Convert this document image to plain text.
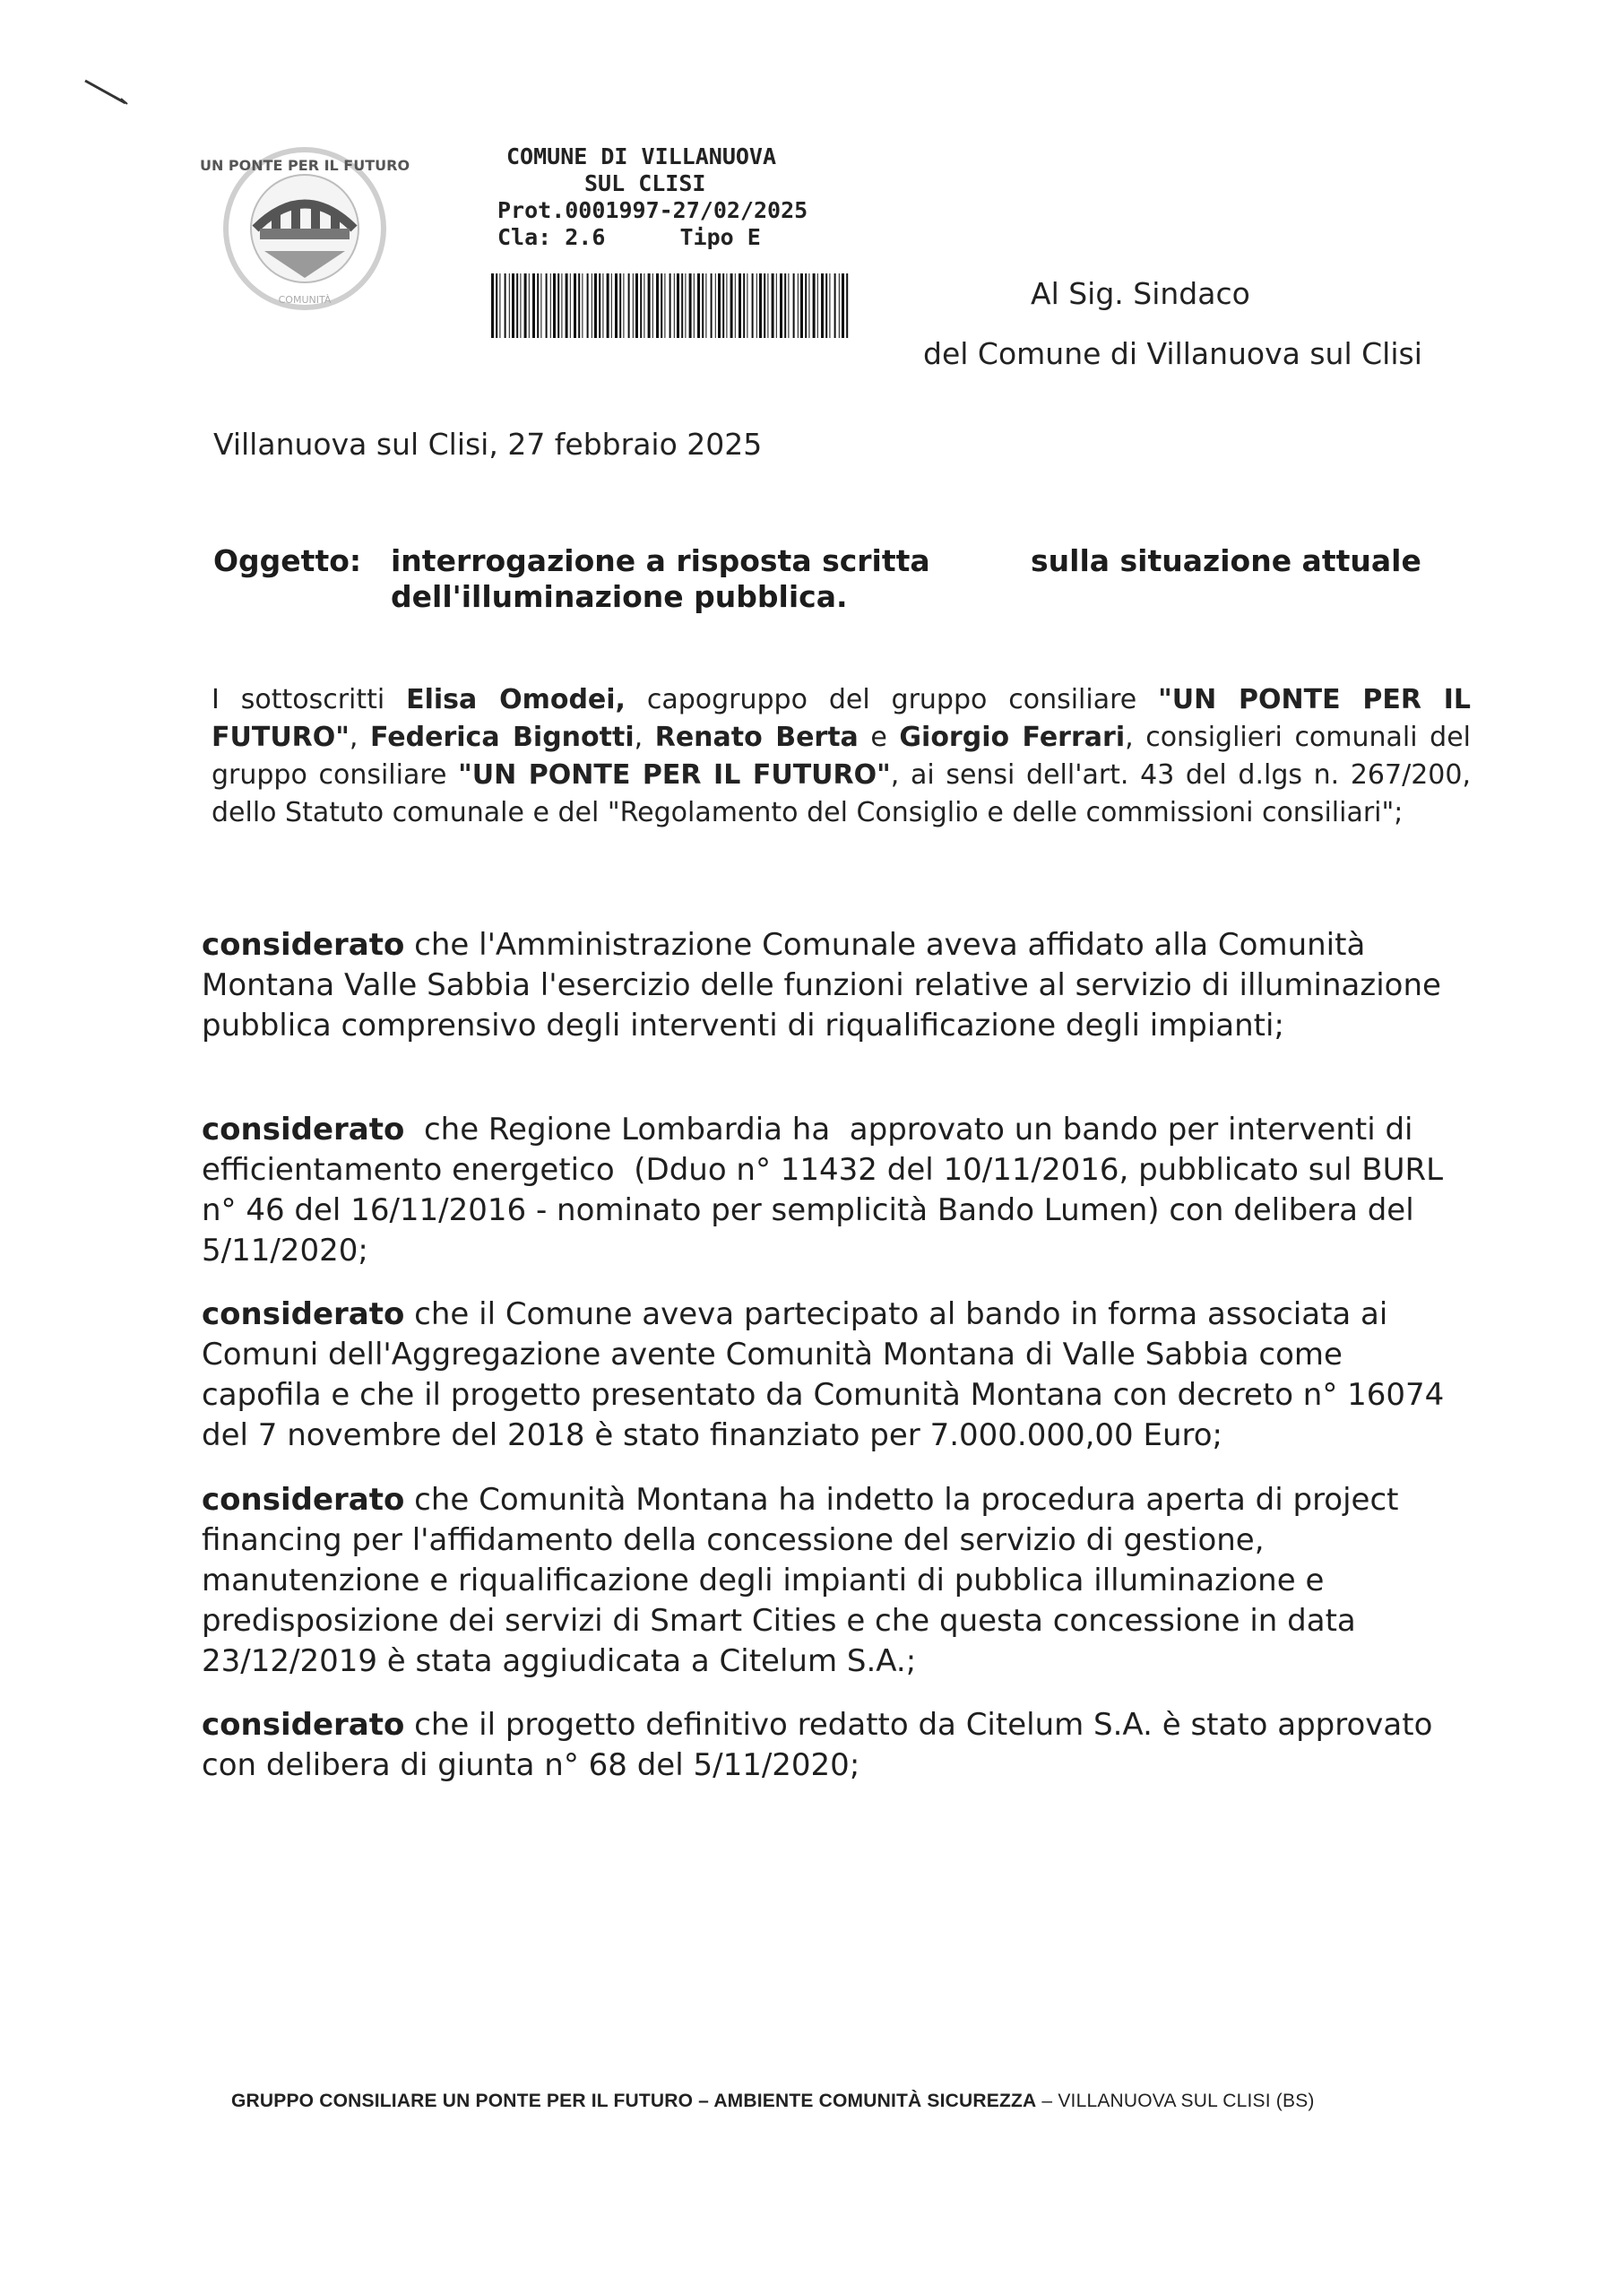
UN PONTE PER IL FUTURO
COMUNITÀ
COMUNE DI VILLANUOVA
SUL CLISI
Prot.0001997-27/02/2025
Cla: 2.6	Tipo E
Al Sig. Sindaco
del Comune di Villanuova sul Clisi
Villanuova sul Clisi, 27 febbraio 2025
Oggetto: interrogazione a risposta scritta	sulla situazione attuale
dell'illuminazione pubblica.
I sottoscritti Elisa Omodei, capogruppo del gruppo consiliare "UN PONTE PER IL FUTURO", Federica Bignotti, Renato Berta e Giorgio Ferrari, consiglieri comunali del gruppo consiliare "UN PONTE PER IL FUTURO", ai sensi dell'art. 43 del d.lgs n. 267/200, dello Statuto comunale e del "Regolamento del Consiglio e delle commissioni consiliari";
considerato che l'Amministrazione Comunale aveva affidato alla Comunità Montana Valle Sabbia l'esercizio delle funzioni relative al servizio di illuminazione pubblica comprensivo degli interventi di riqualificazione degli impianti;
considerato  che Regione Lombardia ha  approvato un bando per interventi di efficientamento energetico  (Dduo n° 11432 del 10/11/2016, pubblicato sul BURL n° 46 del 16/11/2016 - nominato per semplicità Bando Lumen) con delibera del 5/11/2020;
considerato che il Comune aveva partecipato al bando in forma associata ai Comuni dell'Aggregazione avente Comunità Montana di Valle Sabbia come capofila e che il progetto presentato da Comunità Montana con decreto n° 16074 del 7 novembre del 2018 è stato finanziato per 7.000.000,00 Euro;
considerato che Comunità Montana ha indetto la procedura aperta di project financing per l'affidamento della concessione del servizio di gestione, manutenzione e riqualificazione degli impianti di pubblica illuminazione e predisposizione dei servizi di Smart Cities e che questa concessione in data 23/12/2019 è stata aggiudicata a Citelum S.A.;
considerato che il progetto definitivo redatto da Citelum S.A. è stato approvato con delibera di giunta n° 68 del 5/11/2020;
GRUPPO CONSILIARE UN PONTE PER IL FUTURO – AMBIENTE COMUNITÀ SICUREZZA – VILLANUOVA SUL CLISI (BS)
